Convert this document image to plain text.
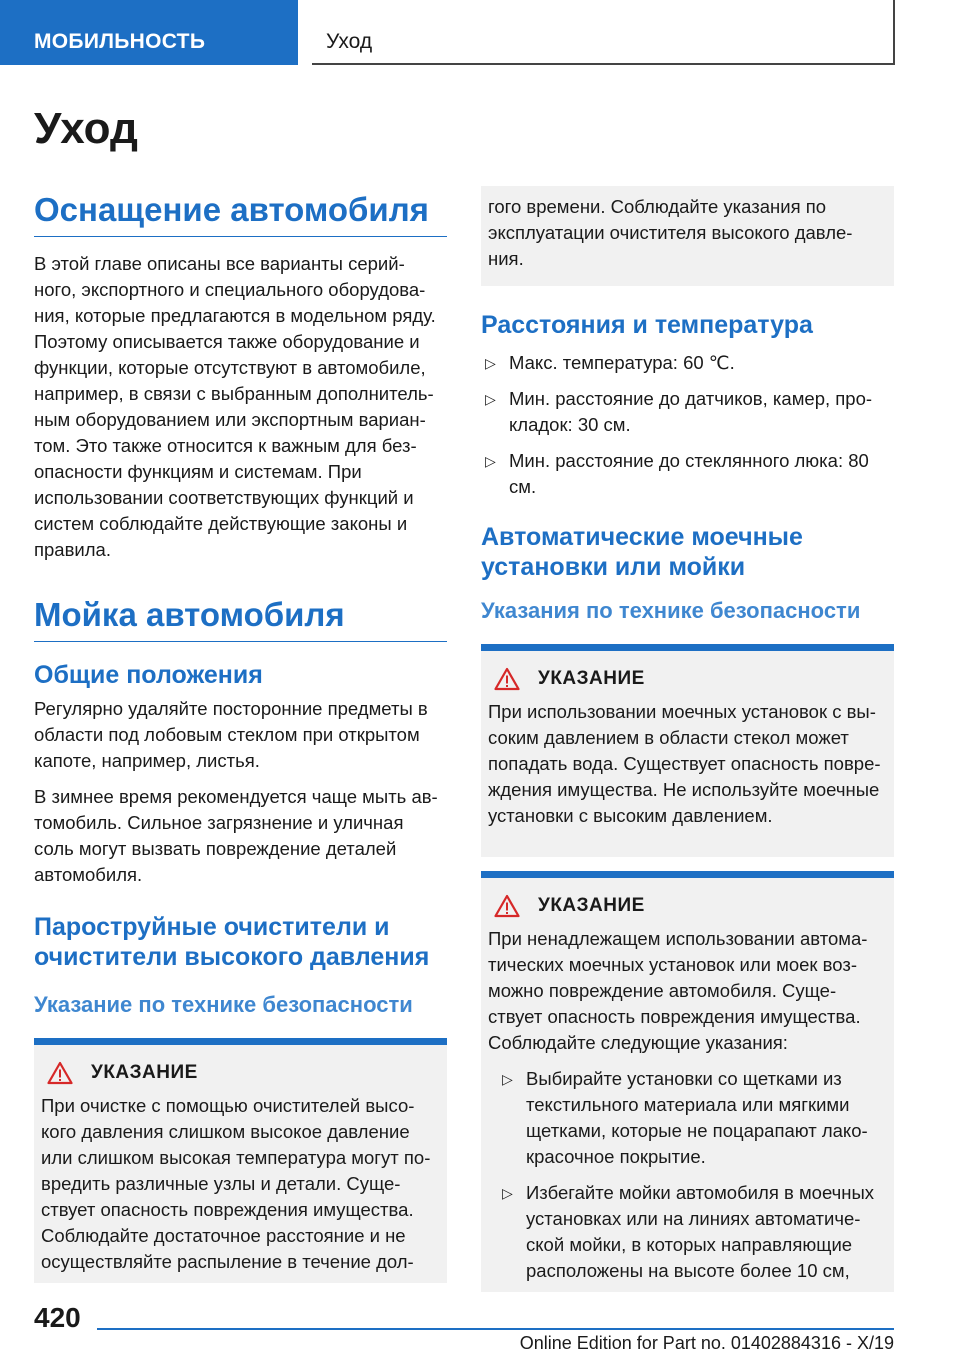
МОБИЛЬНОСТЬ	Уход
Уход
Оснащение автомобиля
В этой главе описаны все варианты серий-ного, экспортного и специального оборудова-ния, которые предлагаются в модельном ряду. Поэтому описывается также оборудование и функции, которые отсутствуют в автомобиле, например, в связи с выбранным дополнитель-ным оборудованием или экспортным вариан-том. Это также относится к важным для без-опасности функциям и системам. При использовании соответствующих функций и систем соблюдайте действующие законы и правила.
Мойка автомобиля
Общие положения
Регулярно удаляйте посторонние предметы в области под лобовым стеклом при открытом капоте, например, листья.
В зимнее время рекомендуется чаще мыть ав-томобиль. Сильное загрязнение и уличная соль могут вызвать повреждение деталей автомобиля.
Пароструйные очистители и очистители высокого давления
Указание по технике безопасности
УКАЗАНИЕ
При очистке с помощью очистителей высо-кого давления слишком высокое давление или слишком высокая температура могут по-вредить различные узлы и детали. Суще-ствует опасность повреждения имущества. Соблюдайте достаточное расстояние и не осуществляйте распыление в течение дол-
гого времени. Соблюдайте указания по эксплуатации очистителя высокого давле-ния.
Расстояния и температура
▷ Макс. температура: 60 ℃.
▷ Мин. расстояние до датчиков, камер, про-кладок: 30 см.
▷ Мин. расстояние до стеклянного люка: 80 см.
Автоматические моечные установки или мойки
Указания по технике безопасности
УКАЗАНИЕ
При использовании моечных установок с вы-соким давлением в области стекол может попадать вода. Существует опасность повре-ждения имущества. Не используйте моечные установки с высоким давлением.
УКАЗАНИЕ
При ненадлежащем использовании автома-тических моечных установок или моек воз-можно повреждение автомобиля. Суще-ствует опасность повреждения имущества. Соблюдайте следующие указания:
▷ Выбирайте установки со щетками из текстильного материала или мягкими щетками, которые не поцарапают лако-красочное покрытие.
▷ Избегайте мойки автомобиля в моечных установках или на линиях автоматиче-ской мойки, в которых направляющие расположены на высоте более 10 см,
420
Online Edition for Part no. 01402884316 - X/19
